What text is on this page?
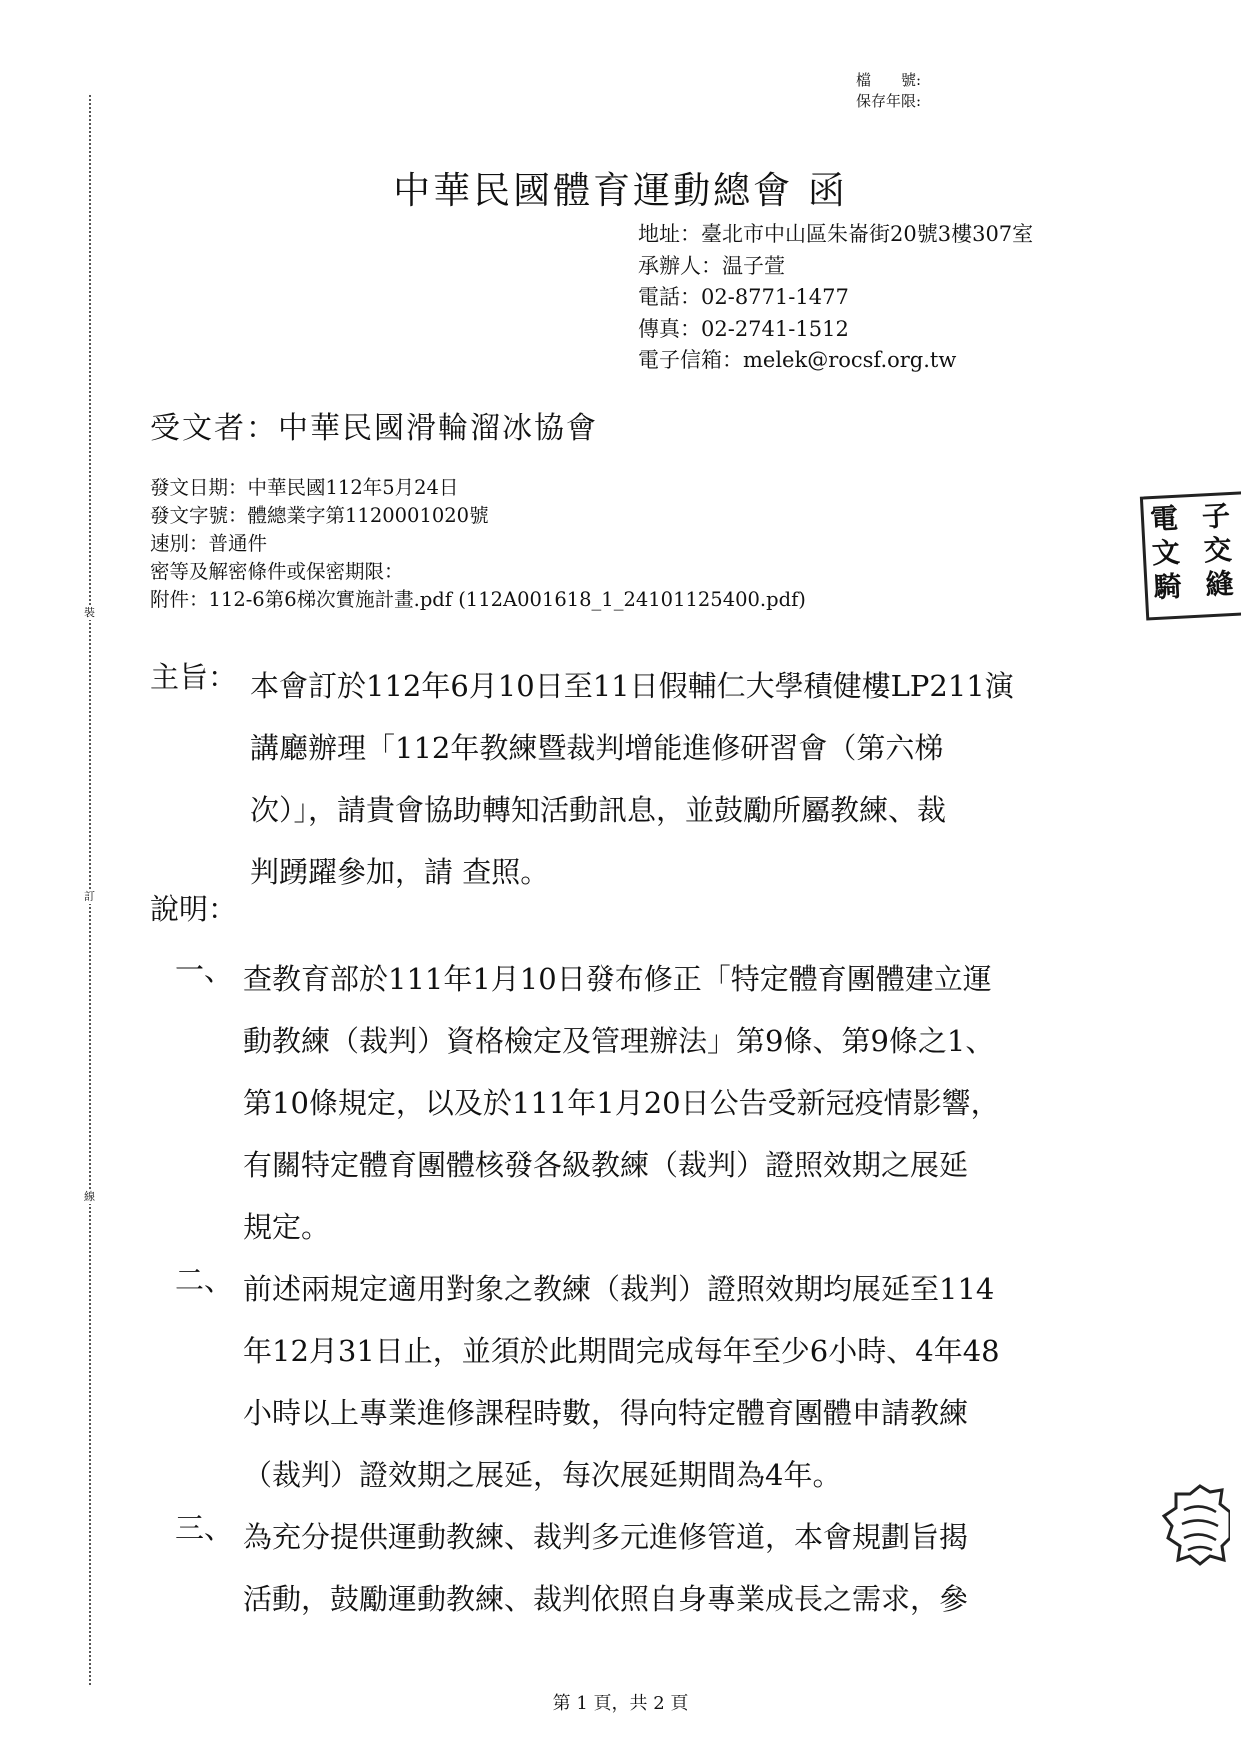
裝
訂
線
檔　　號:
保存年限:
中華民國體育運動總會 函
地址：臺北市中山區朱崙街20號3樓307室
承辦人：温子萱
電話：02-8771-1477
傳真：02-2741-1512
電子信箱：melek@rocsf.org.tw
受文者：中華民國滑輪溜冰協會
發文日期：中華民國112年5月24日
發文字號：體總業字第1120001020號
速別：普通件
密等及解密條件或保密期限：
附件：112-6第6梯次實施計畫.pdf (112A001618_1_24101125400.pdf)
主旨： 本會訂於112年6月10日至11日假輔仁大學積健樓LP211演
講廳辦理「112年教練暨裁判增能進修研習會（第六梯
次）」，請貴會協助轉知活動訊息，並鼓勵所屬教練、裁
判踴躍參加，請 查照。
說明：
一、 查教育部於111年1月10日發布修正「特定體育團體建立運
動教練（裁判）資格檢定及管理辦法」第9條、第9條之1、
第10條規定，以及於111年1月20日公告受新冠疫情影響，
有關特定體育團體核發各級教練（裁判）證照效期之展延
規定。
二、 前述兩規定適用對象之教練（裁判）證照效期均展延至114
年12月31日止，並須於此期間完成每年至少6小時、4年48
小時以上專業進修課程時數，得向特定體育團體申請教練
（裁判）證效期之展延，每次展延期間為4年。
三、 為充分提供運動教練、裁判多元進修管道，本會規劃旨揭
活動，鼓勵運動教練、裁判依照自身專業成長之需求，參
電 子
文 交
騎 縫
第 1 頁，共 2 頁
